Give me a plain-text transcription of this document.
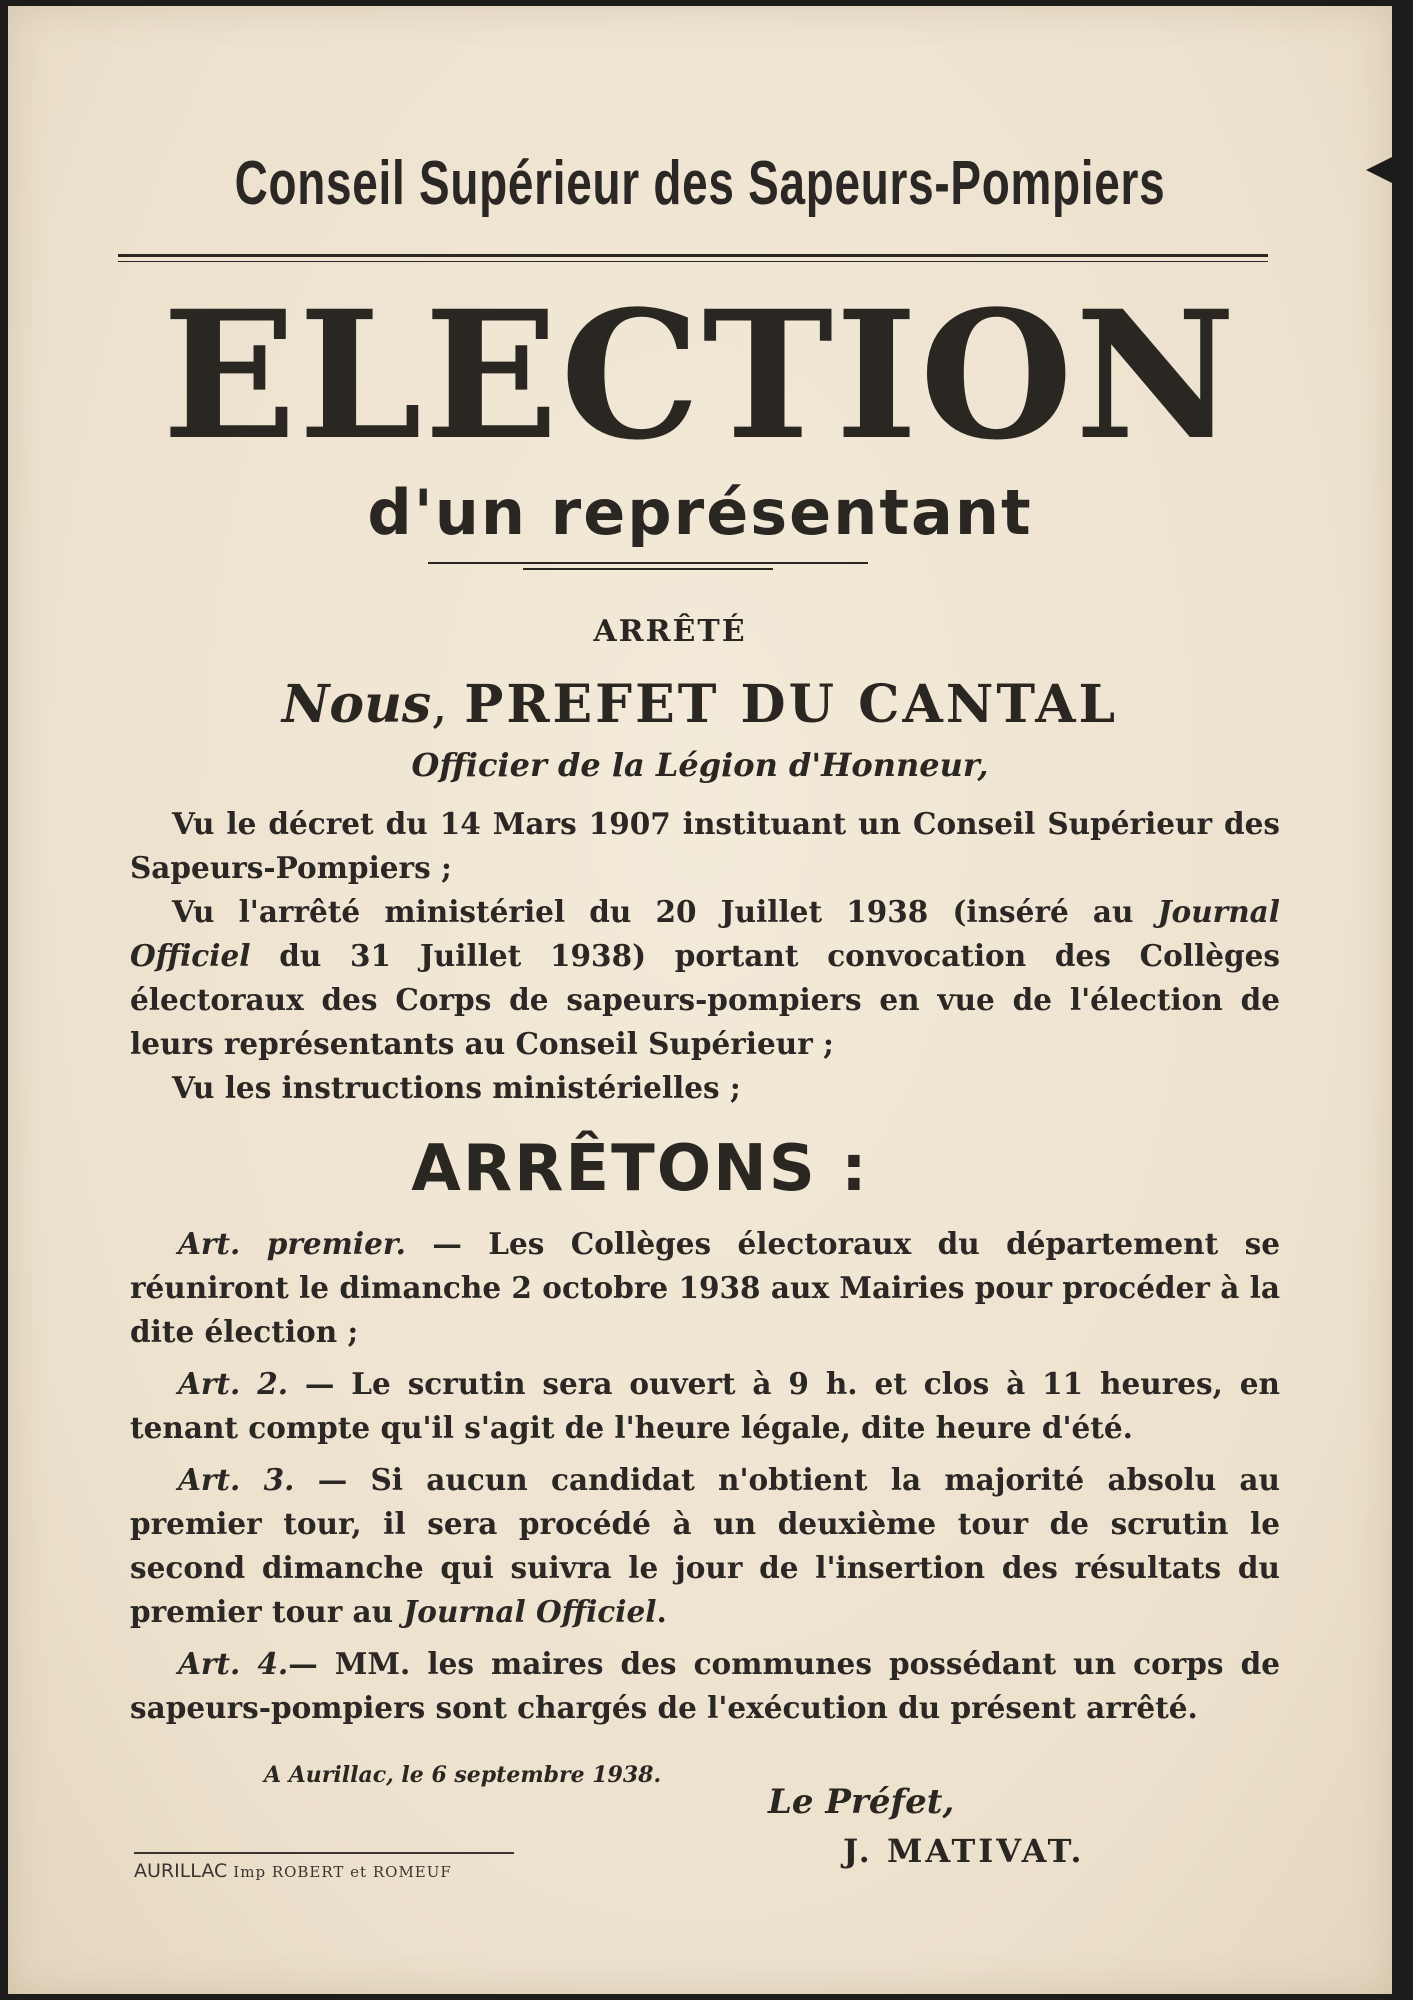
Conseil Supérieur des Sapeurs-Pompiers
ELECTION
d'un représentant
ARRÊTÉ
Nous, PREFET DU CANTAL
Officier de la Légion d'Honneur,

Vu le décret du 14 Mars 1907 instituant un Conseil Supérieur des Sapeurs-Pompiers ;

Vu l'arrêté ministériel du 20 Juillet 1938 (inséré au Journal Officiel du 31 Juillet 1938) portant convocation des Collèges électoraux des Corps de sapeurs-pompiers en vue de l'élection de leurs représentants au Conseil Supérieur ;

Vu les instructions ministérielles ;

ARRÊTONS :

Art. premier. — Les Collèges électoraux du département se réuniront le dimanche 2 octobre 1938 aux Mairies pour procéder à la dite élection ;

Art. 2. — Le scrutin sera ouvert à 9 h. et clos à 11 heures, en tenant compte qu'il s'agit de l'heure légale, dite heure d'été.

Art. 3. — Si aucun candidat n'obtient la majorité absolu au premier tour, il sera procédé à un deuxième tour de scrutin le second dimanche qui suivra le jour de l'insertion des résultats du premier tour au Journal Officiel.

Art. 4.— MM. les maires des communes possédant un corps de sapeurs-pompiers sont chargés de l'exécution du présent arrêté.

A Aurillac, le 6 septembre 1938.
Le Préfet,
J. MATIVAT.
AURILLAC Imp ROBERT et ROMEUF
